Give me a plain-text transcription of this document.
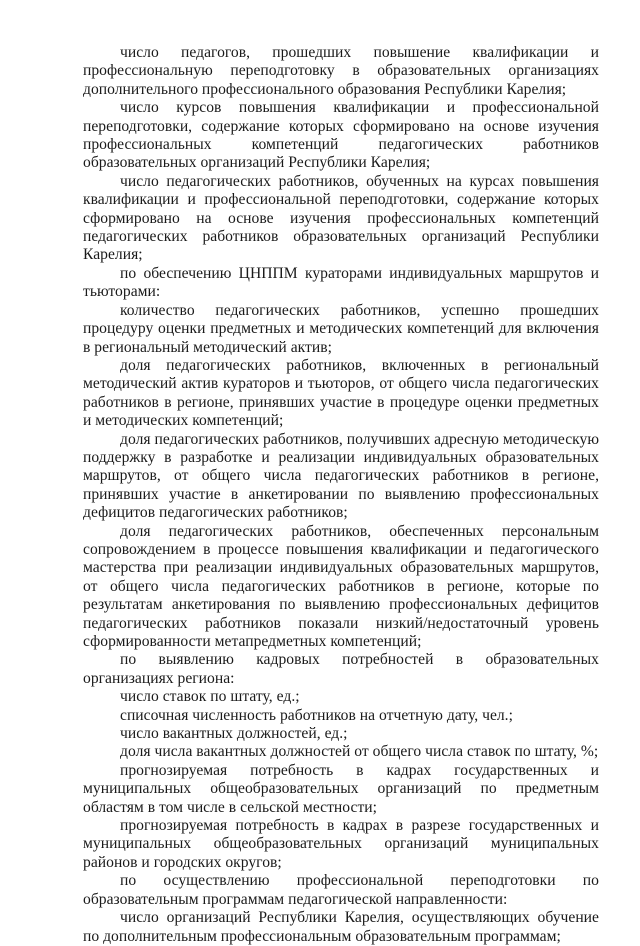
число педагогов, прошедших повышение квалификации и профессиональную переподготовку в образовательных организациях дополнительного профессионального образования Республики Карелия;

число курсов повышения квалификации и профессиональной переподготовки, содержание которых сформировано на основе изучения профессиональных компетенций педагогических работников образовательных организаций Республики Карелия;

число педагогических работников, обученных на курсах повышения квалификации и профессиональной переподготовки, содержание которых сформировано на основе изучения профессиональных компетенций педагогических работников образовательных организаций Республики Карелия;

по обеспечению ЦНППМ кураторами индивидуальных маршрутов и тьюторами:

количество педагогических работников, успешно прошедших процедуру оценки предметных и методических компетенций для включения в региональный методический актив;

доля педагогических работников, включенных в региональный методический актив кураторов и тьюторов, от общего числа педагогических работников в регионе, принявших участие в процедуре оценки предметных и методических компетенций;

доля педагогических работников, получивших адресную методическую поддержку в разработке и реализации индивидуальных образовательных маршрутов, от общего числа педагогических работников в регионе, принявших участие в анкетировании по выявлению профессиональных дефицитов педагогических работников;

доля педагогических работников, обеспеченных персональным сопровождением в процессе повышения квалификации и педагогического мастерства при реализации индивидуальных образовательных маршрутов, от общего числа педагогических работников в регионе, которые по результатам анкетирования по выявлению профессиональных дефицитов педагогических работников показали низкий/недостаточный уровень сформированности метапредметных компетенций;

по выявлению кадровых потребностей в образовательных организациях региона:

число ставок по штату, ед.;

списочная численность работников на отчетную дату, чел.;

число вакантных должностей, ед.;

доля числа вакантных должностей от общего числа ставок по штату, %;

прогнозируемая потребность в кадрах государственных и муниципальных общеобразовательных организаций по предметным областям в том числе в сельской местности;

прогнозируемая потребность в кадрах в разрезе государственных и муниципальных общеобразовательных организаций муниципальных районов и городских округов;

по осуществлению профессиональной переподготовки по образовательным программам педагогической направленности:

число организаций Республики Карелия, осуществляющих обучение по дополнительным профессиональным образовательным программам;
